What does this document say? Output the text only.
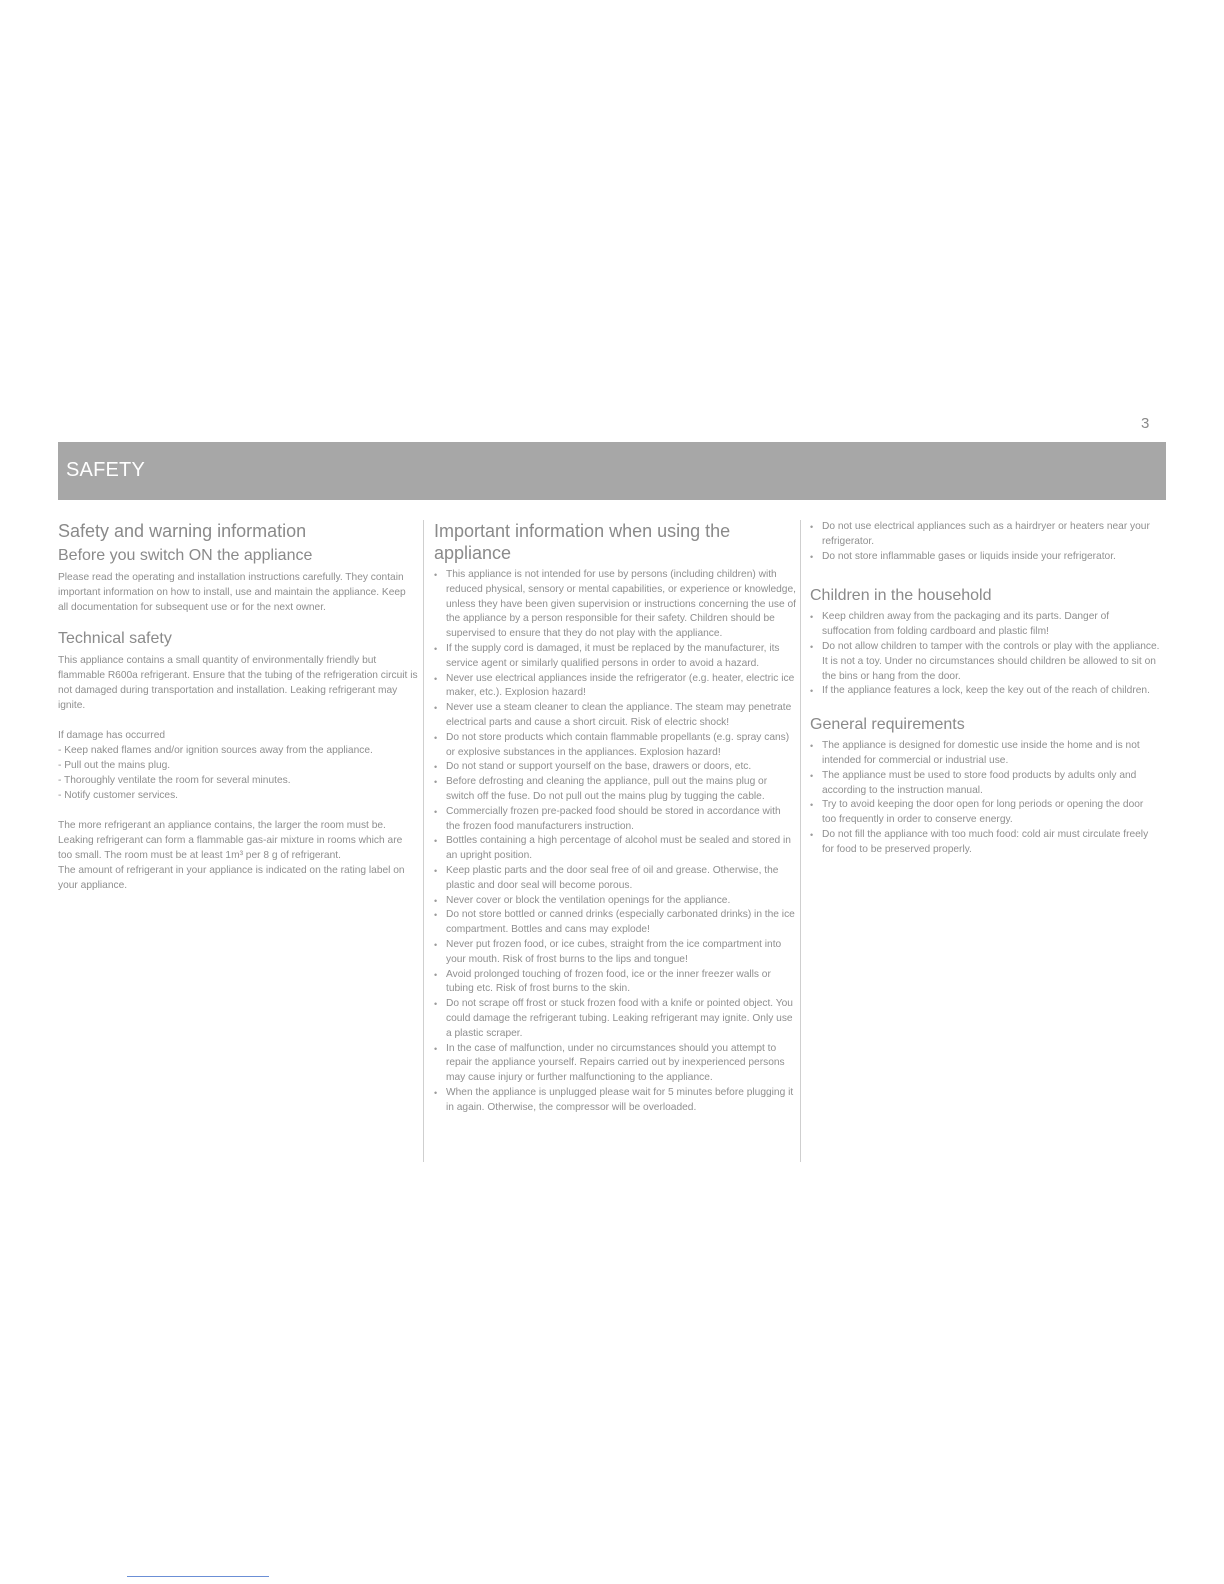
3
SAFETY
Safety and warning information
Before you switch ON the appliance

Please read the operating and installation instructions carefully. They contain important information on how to install, use and maintain the appliance. Keep all documentation for subsequent use or for the next owner.

Technical safety

This appliance contains a small quantity of environmentally friendly but flammable R600a refrigerant. Ensure that the tubing of the refrigeration circuit is not damaged during transportation and installation. Leaking refrigerant may ignite.

If damage has occurred

- Keep naked flames and/or ignition sources away from the appliance.

- Pull out the mains plug.

- Thoroughly ventilate the room for several minutes.

- Notify customer services.

The more refrigerant an appliance contains, the larger the room must be. Leaking refrigerant can form a flammable gas-air mixture in rooms which are too small. The room must be at least 1m³ per 8 g of refrigerant.

The amount of refrigerant in your appliance is indicated on the rating label on your appliance.

Important information when using the appliance
• This appliance is not intended for use by persons (including children) with reduced physical, sensory or mental capabilities, or experience or knowledge, unless they have been given supervision or instructions concerning the use of the appliance by a person responsible for their safety. Children should be supervised to ensure that they do not play with the appliance.
• If the supply cord is damaged, it must be replaced by the manufacturer, its service agent or similarly qualified persons in order to avoid a hazard.
• Never use electrical appliances inside the refrigerator (e.g. heater, electric ice maker, etc.). Explosion hazard!
• Never use a steam cleaner to clean the appliance. The steam may penetrate electrical parts and cause a short circuit. Risk of electric shock!
• Do not store products which contain flammable propellants (e.g. spray cans) or explosive substances in the appliances. Explosion hazard!
• Do not stand or support yourself on the base, drawers or doors, etc.
• Before defrosting and cleaning the appliance, pull out the mains plug or switch off the fuse. Do not pull out the mains plug by tugging the cable.
• Commercially frozen pre-packed food should be stored in accordance with the frozen food manufacturers instruction.
• Bottles containing a high percentage of alcohol must be sealed and stored in an upright position.
• Keep plastic parts and the door seal free of oil and grease. Otherwise, the plastic and door seal will become porous.
• Never cover or block the ventilation openings for the appliance.
• Do not store bottled or canned drinks (especially carbonated drinks) in the ice compartment. Bottles and cans may explode!
• Never put frozen food, or ice cubes, straight from the ice compartment into your mouth. Risk of frost burns to the lips and tongue!
• Avoid prolonged touching of frozen food, ice or the inner freezer walls or tubing etc. Risk of frost burns to the skin.
• Do not scrape off frost or stuck frozen food with a knife or pointed object. You could damage the refrigerant tubing. Leaking refrigerant may ignite. Only use a plastic scraper.
• In the case of malfunction, under no circumstances should you attempt to repair the appliance yourself. Repairs carried out by inexperienced persons may cause injury or further malfunctioning to the appliance.
• When the appliance is unplugged please wait for 5 minutes before plugging it in again. Otherwise, the compressor will be overloaded.
• Do not use electrical appliances such as a hairdryer or heaters near your refrigerator.
• Do not store inflammable gases or liquids inside your refrigerator.
Children in the household
• Keep children away from the packaging and its parts. Danger of suffocation from folding cardboard and plastic film!
• Do not allow children to tamper with the controls or play with the appliance. It is not a toy. Under no circumstances should children be allowed to sit on the bins or hang from the door.
• If the appliance features a lock, keep the key out of the reach of children.
General requirements
• The appliance is designed for domestic use inside the home and is not intended for commercial or industrial use.
• The appliance must be used to store food products by adults only and according to the instruction manual.
• Try to avoid keeping the door open for long periods or opening the door too frequently in order to conserve energy.
• Do not fill the appliance with too much food: cold air must circulate freely for food to be preserved properly.
